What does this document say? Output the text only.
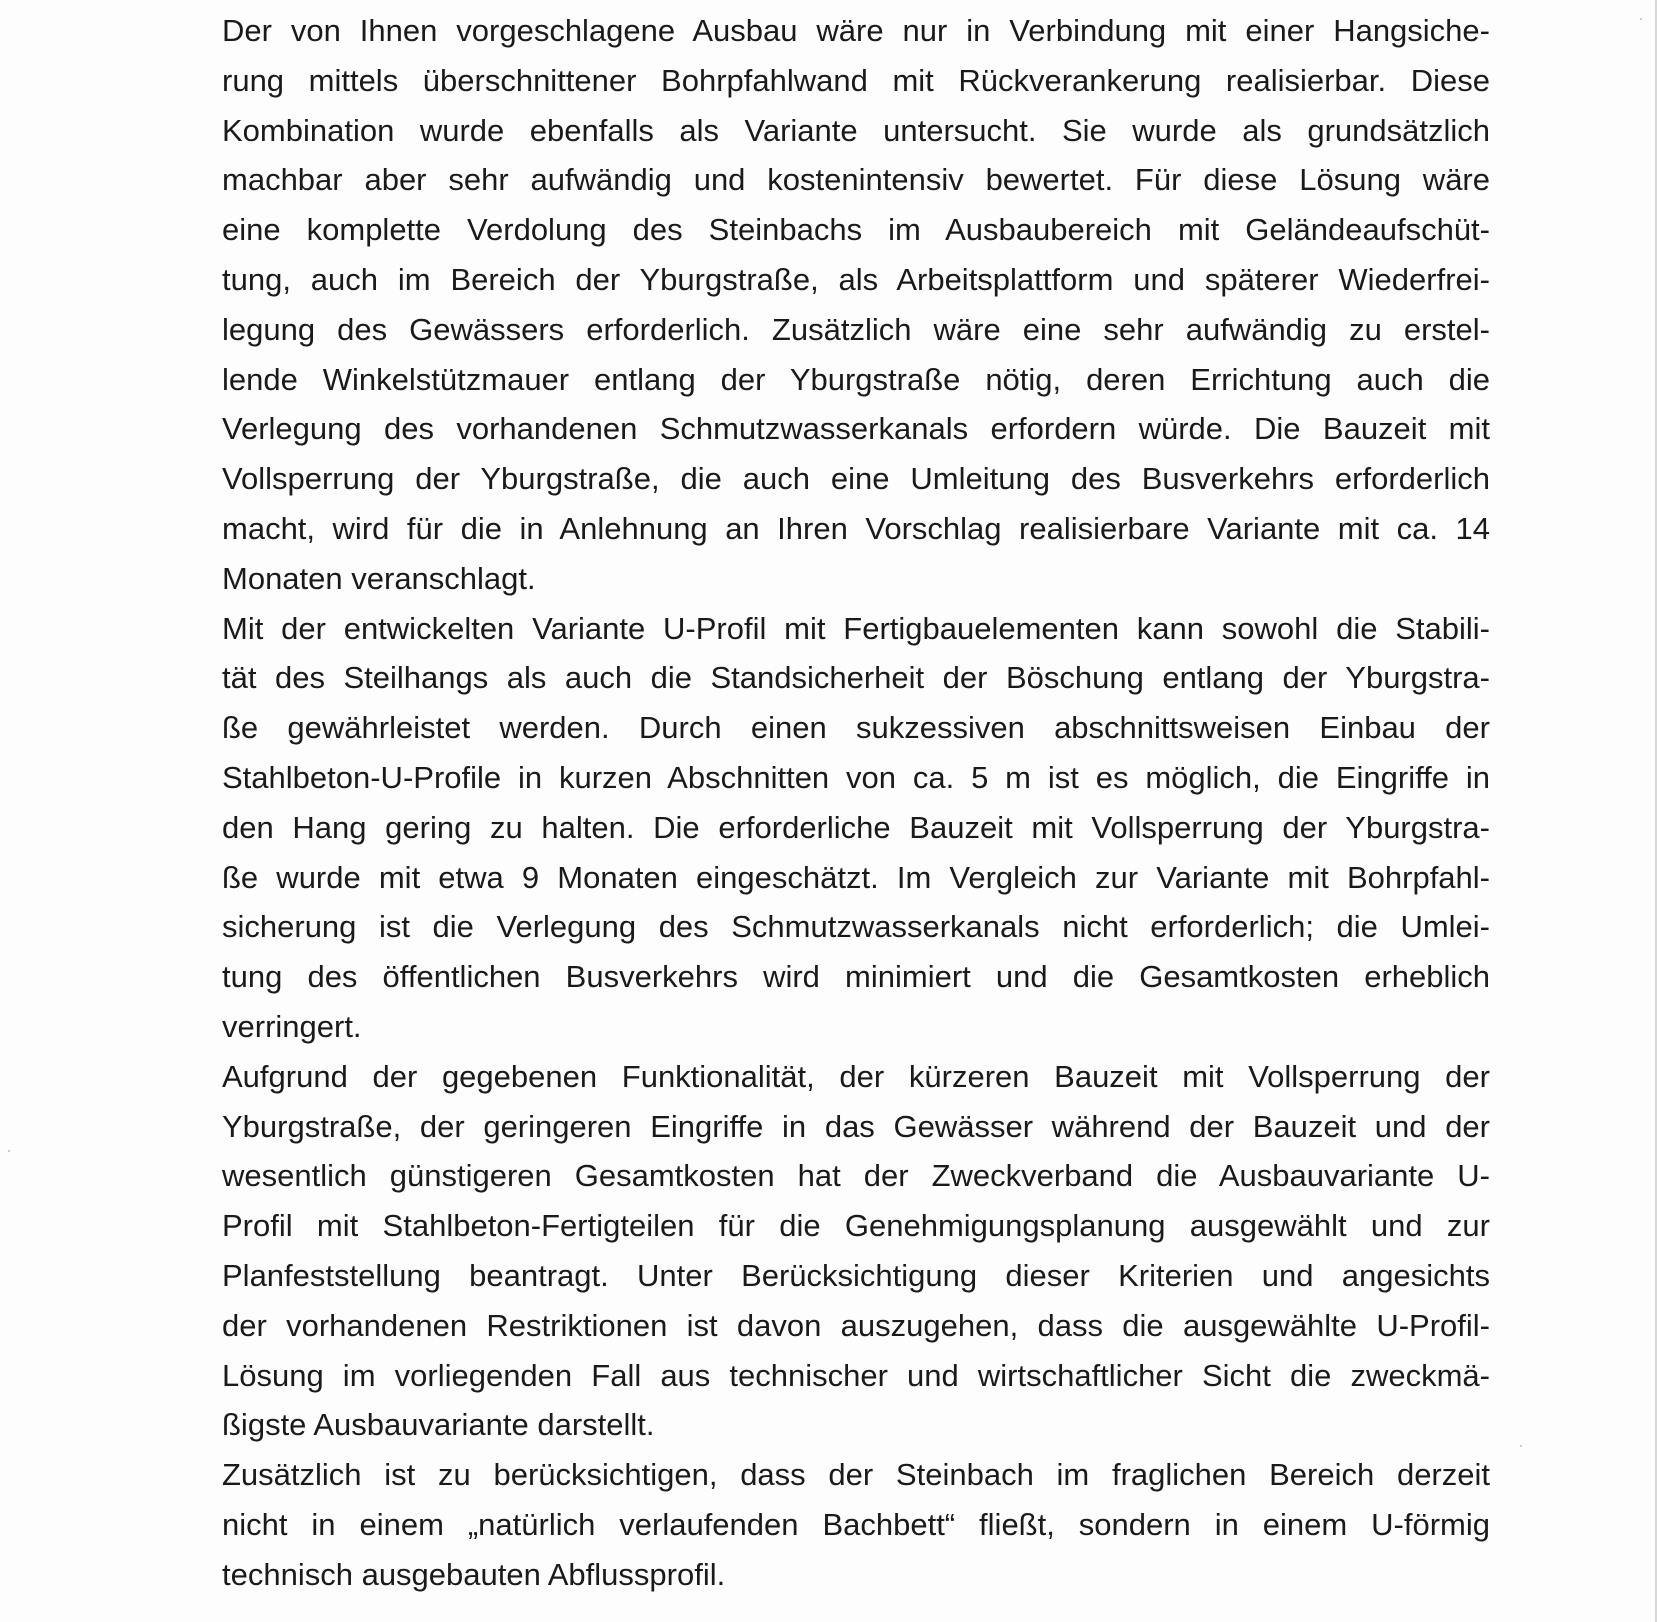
Der von Ihnen vorgeschlagene Ausbau wäre nur in Verbindung mit einer Hangsiche-
rung mittels überschnittener Bohrpfahlwand mit Rückverankerung realisierbar. Diese
Kombination wurde ebenfalls als Variante untersucht. Sie wurde als grundsätzlich
machbar aber sehr aufwändig und kostenintensiv bewertet. Für diese Lösung wäre
eine komplette Verdolung des Steinbachs im Ausbaubereich mit Geländeaufschüt-
tung, auch im Bereich der Yburgstraße, als Arbeitsplattform und späterer Wiederfrei-
legung des Gewässers erforderlich. Zusätzlich wäre eine sehr aufwändig zu erstel-
lende Winkelstützmauer entlang der Yburgstraße nötig, deren Errichtung auch die
Verlegung des vorhandenen Schmutzwasserkanals erfordern würde. Die Bauzeit mit
Vollsperrung der Yburgstraße, die auch eine Umleitung des Busverkehrs erforderlich
macht, wird für die in Anlehnung an Ihren Vorschlag realisierbare Variante mit ca. 14
Monaten veranschlagt.
Mit der entwickelten Variante U-Profil mit Fertigbauelementen kann sowohl die Stabili-
tät des Steilhangs als auch die Standsicherheit der Böschung entlang der Yburgstra-
ße gewährleistet werden. Durch einen sukzessiven abschnittsweisen Einbau der
Stahlbeton-U-Profile in kurzen Abschnitten von ca. 5 m ist es möglich, die Eingriffe in
den Hang gering zu halten. Die erforderliche Bauzeit mit Vollsperrung der Yburgstra-
ße wurde mit etwa 9 Monaten eingeschätzt. Im Vergleich zur Variante mit Bohrpfahl-
sicherung ist die Verlegung des Schmutzwasserkanals nicht erforderlich; die Umlei-
tung des öffentlichen Busverkehrs wird minimiert und die Gesamtkosten erheblich
verringert.
Aufgrund der gegebenen Funktionalität, der kürzeren Bauzeit mit Vollsperrung der
Yburgstraße, der geringeren Eingriffe in das Gewässer während der Bauzeit und der
wesentlich günstigeren Gesamtkosten hat der Zweckverband die Ausbauvariante U-
Profil mit Stahlbeton-Fertigteilen für die Genehmigungsplanung ausgewählt und zur
Planfeststellung beantragt. Unter Berücksichtigung dieser Kriterien und angesichts
der vorhandenen Restriktionen ist davon auszugehen, dass die ausgewählte U-Profil-
Lösung im vorliegenden Fall aus technischer und wirtschaftlicher Sicht die zweckmä-
ßigste Ausbauvariante darstellt.
Zusätzlich ist zu berücksichtigen, dass der Steinbach im fraglichen Bereich derzeit
nicht in einem „natürlich verlaufenden Bachbett“ fließt, sondern in einem U-förmig
technisch ausgebauten Abflussprofil.
